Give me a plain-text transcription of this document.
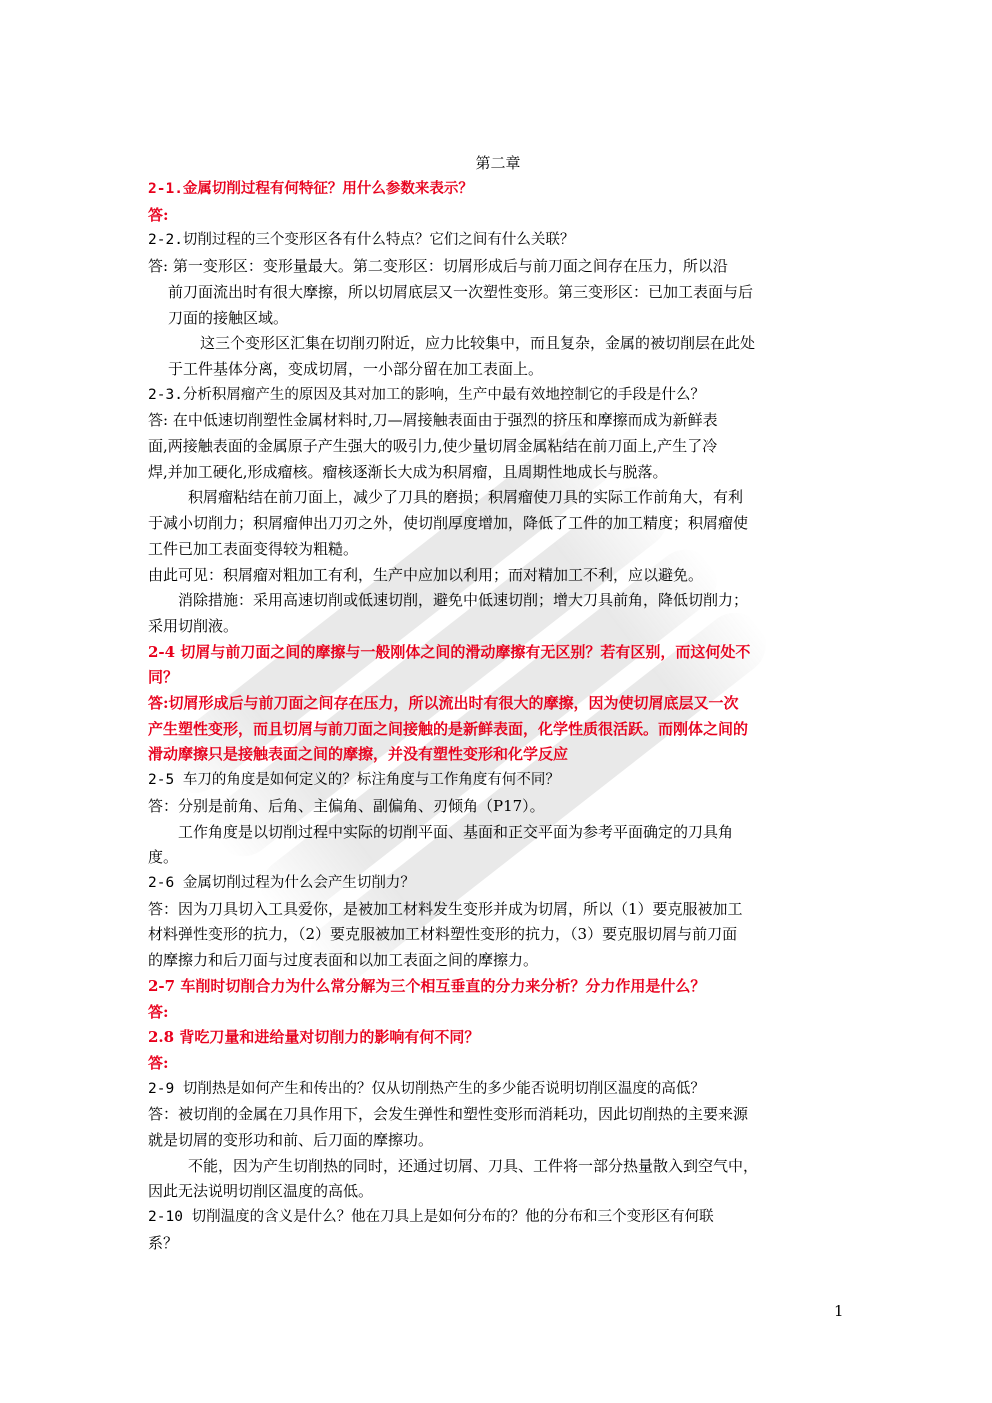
第二章
2-1.金属切削过程有何特征？用什么参数来表示？
答:
2-2.切削过程的三个变形区各有什么特点？它们之间有什么关联？
答: 第一变形区：变形量最大。第二变形区：切屑形成后与前刀面之间存在压力，所以沿
前刀面流出时有很大摩擦，所以切屑底层又一次塑性变形。第三变形区：已加工表面与后
刀面的接触区域。
这三个变形区汇集在切削刃附近，应力比较集中，而且复杂，金属的被切削层在此处
于工件基体分离，变成切屑，一小部分留在加工表面上。
2-3.分析积屑瘤产生的原因及其对加工的影响，生产中最有效地控制它的手段是什么？
答: 在中低速切削塑性金属材料时,刀—屑接触表面由于强烈的挤压和摩擦而成为新鲜表
面,两接触表面的金属原子产生强大的吸引力,使少量切屑金属粘结在前刀面上,产生了冷
焊,并加工硬化,形成瘤核。瘤核逐渐长大成为积屑瘤，且周期性地成长与脱落。
积屑瘤粘结在前刀面上，减少了刀具的磨损；积屑瘤使刀具的实际工作前角大，有利
于减小切削力；积屑瘤伸出刀刃之外，使切削厚度增加，降低了工件的加工精度；积屑瘤使
工件已加工表面变得较为粗糙。
由此可见：积屑瘤对粗加工有利，生产中应加以利用；而对精加工不利，应以避免。
消除措施：采用高速切削或低速切削，避免中低速切削；增大刀具前角，降低切削力；
采用切削液。
2-4 切屑与前刀面之间的摩擦与一般刚体之间的滑动摩擦有无区别？若有区别，而这何处不
同？
答:切屑形成后与前刀面之间存在压力，所以流出时有很大的摩擦，因为使切屑底层又一次
产生塑性变形，而且切屑与前刀面之间接触的是新鲜表面，化学性质很活跃。而刚体之间的
滑动摩擦只是接触表面之间的摩擦，并没有塑性变形和化学反应
2-5 车刀的角度是如何定义的？标注角度与工作角度有何不同？
答：分别是前角、后角、主偏角、副偏角、刃倾角（P17）。
工作角度是以切削过程中实际的切削平面、基面和正交平面为参考平面确定的刀具角
度。
2-6 金属切削过程为什么会产生切削力？
答：因为刀具切入工具爱你，是被加工材料发生变形并成为切屑，所以（1）要克服被加工
材料弹性变形的抗力，（2）要克服被加工材料塑性变形的抗力，（3）要克服切屑与前刀面
的摩擦力和后刀面与过度表面和以加工表面之间的摩擦力。
2-7 车削时切削合力为什么常分解为三个相互垂直的分力来分析？分力作用是什么？
答:
2.8 背吃刀量和进给量对切削力的影响有何不同？
答:
2-9 切削热是如何产生和传出的？仅从切削热产生的多少能否说明切削区温度的高低？
答：被切削的金属在刀具作用下，会发生弹性和塑性变形而消耗功，因此切削热的主要来源
就是切屑的变形功和前、后刀面的摩擦功。
不能，因为产生切削热的同时，还通过切屑、刀具、工件将一部分热量散入到空气中，
因此无法说明切削区温度的高低。
2-10 切削温度的含义是什么？他在刀具上是如何分布的？他的分布和三个变形区有何联
系？
1
